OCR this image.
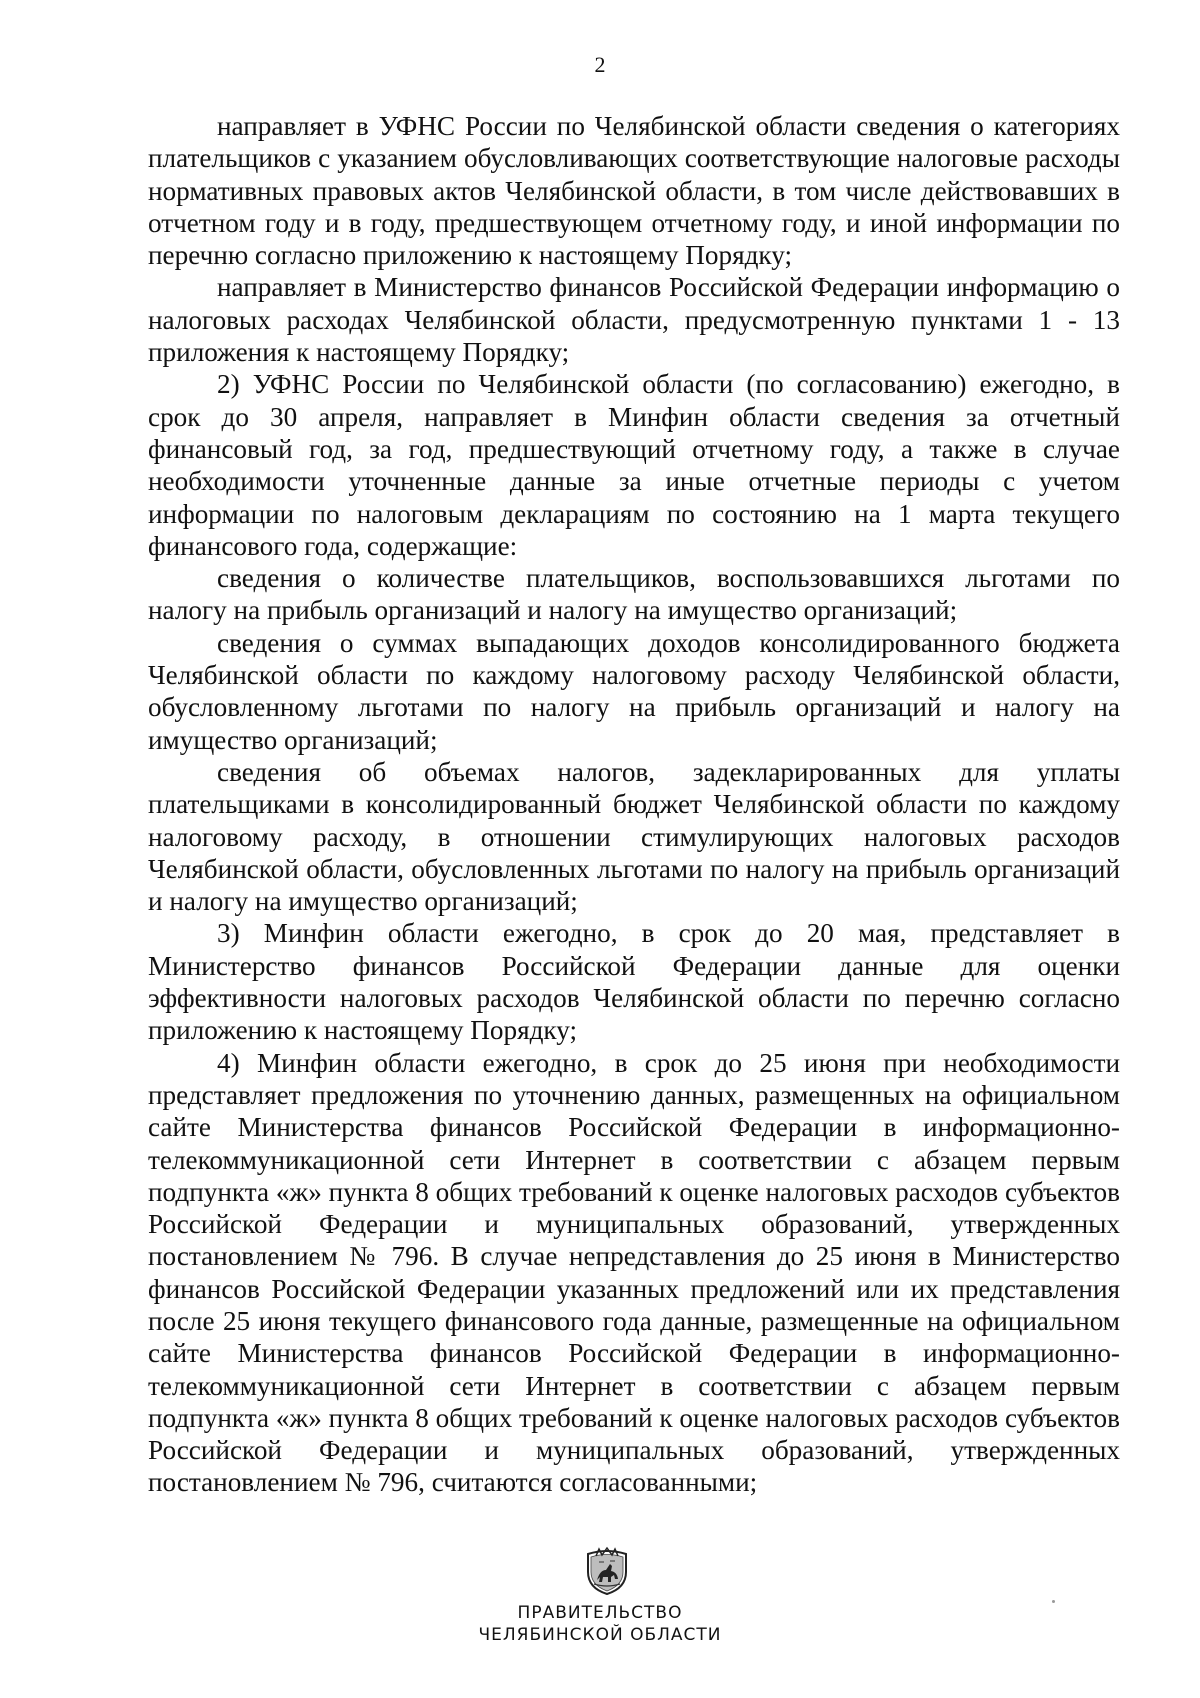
2

направляет в УФНС России по Челябинской области сведения о категориях плательщиков с указанием обусловливающих соответствующие налоговые расходы нормативных правовых актов Челябинской области, в том числе действовавших в отчетном году и в году, предшествующем отчетному году, и иной информации по перечню согласно приложению к настоящему Порядку;

направляет в Министерство финансов Российской Федерации информацию о налоговых расходах Челябинской области, предусмотренную пунктами 1 - 13 приложения к настоящему Порядку;

2) УФНС России по Челябинской области (по согласованию) ежегодно, в срок до 30 апреля, направляет в Минфин области сведения за отчетный финансовый год, за год, предшествующий отчетному году, а также в случае необходимости уточненные данные за иные отчетные периоды с учетом информации по налоговым декларациям по состоянию на 1 марта текущего финансового года, содержащие:

сведения о количестве плательщиков, воспользовавшихся льготами по налогу на прибыль организаций и налогу на имущество организаций;

сведения о суммах выпадающих доходов консолидированного бюджета Челябинской области по каждому налоговому расходу Челябинской области, обусловленному льготами по налогу на прибыль организаций и налогу на имущество организаций;

сведения об объемах налогов, задекларированных для уплаты плательщиками в консолидированный бюджет Челябинской области по каждому налоговому расходу, в отношении стимулирующих налоговых расходов Челябинской области, обусловленных льготами по налогу на прибыль организаций и налогу на имущество организаций;

3) Минфин области ежегодно, в срок до 20 мая, представляет в Министерство финансов Российской Федерации данные для оценки эффективности налоговых расходов Челябинской области по перечню согласно приложению к настоящему Порядку;

4) Минфин области ежегодно, в срок до 25 июня при необходимости представляет предложения по уточнению данных, размещенных на официальном сайте Министерства финансов Российской Федерации в информационно-телекоммуникационной сети Интернет в соответствии с абзацем первым подпункта «ж» пункта 8 общих требований к оценке налоговых расходов субъектов Российской Федерации и муниципальных образований, утвержденных постановлением № 796. В случае непредставления до 25 июня в Министерство финансов Российской Федерации указанных предложений или их представления после 25 июня текущего финансового года данные, размещенные на официальном сайте Министерства финансов Российской Федерации в информационно-телекоммуникационной сети Интернет в соответствии с абзацем первым подпункта «ж» пункта 8 общих требований к оценке налоговых расходов субъектов Российской Федерации и муниципальных образований, утвержденных постановлением № 796, считаются согласованными;

ПРАВИТЕЛЬСТВО
ЧЕЛЯБИНСКОЙ ОБЛАСТИ
